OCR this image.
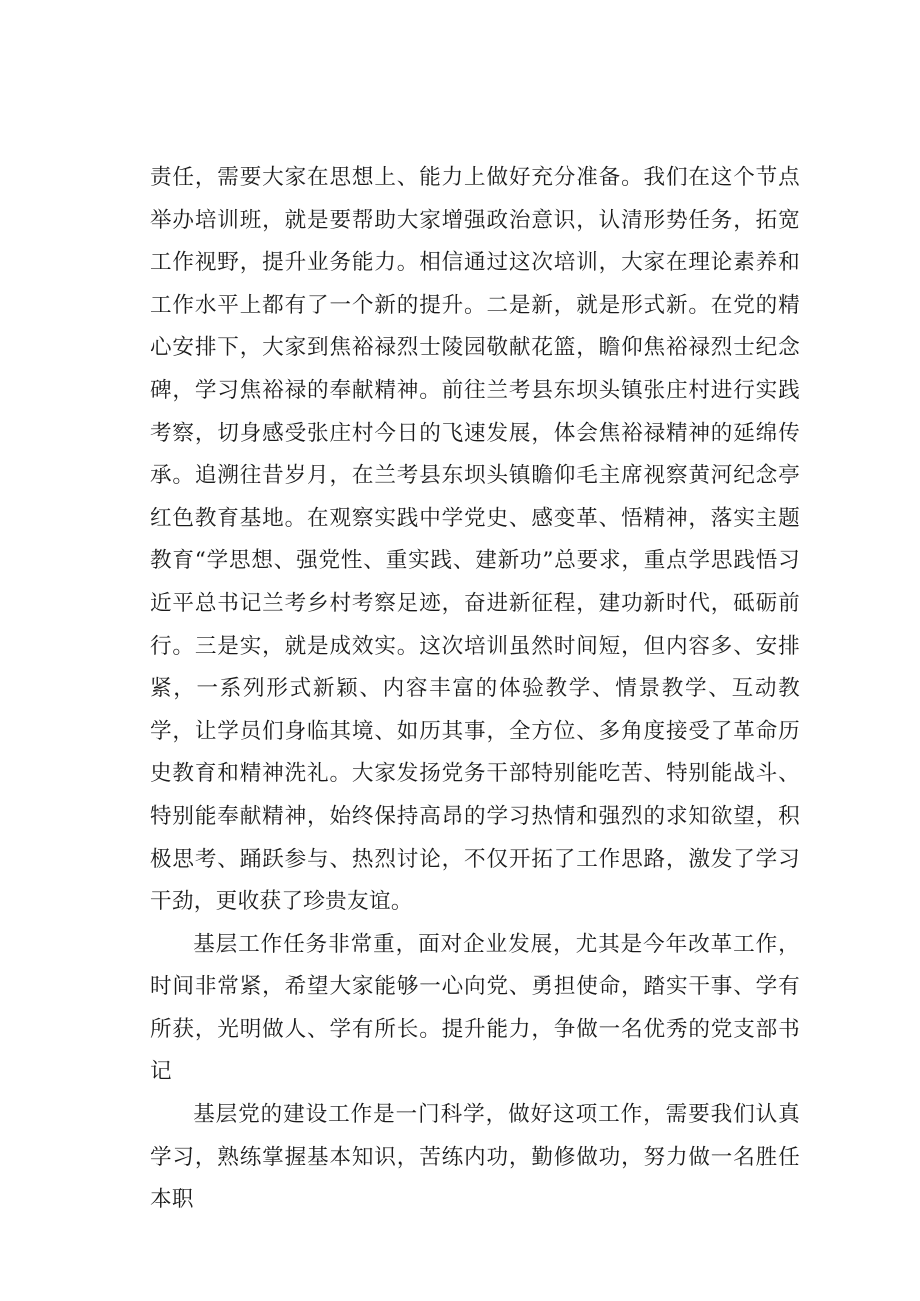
责任，需要大家在思想上、能力上做好充分准备。我们在这个节点举办培训班，就是要帮助大家增强政治意识，认清形势任务，拓宽工作视野，提升业务能力。相信通过这次培训，大家在理论素养和工作水平上都有了一个新的提升。二是新，就是形式新。在党的精心安排下，大家到焦裕禄烈士陵园敬献花篮，瞻仰焦裕禄烈士纪念碑，学习焦裕禄的奉献精神。前往兰考县东坝头镇张庄村进行实践考察，切身感受张庄村今日的飞速发展，体会焦裕禄精神的延绵传承。追溯往昔岁月，在兰考县东坝头镇瞻仰毛主席视察黄河纪念亭红色教育基地。在观察实践中学党史、感变革、悟精神，落实主题教育“学思想、强党性、重实践、建新功”总要求，重点学思践悟习近平总书记兰考乡村考察足迹，奋进新征程，建功新时代，砥砺前行。三是实，就是成效实。这次培训虽然时间短，但内容多、安排紧，一系列形式新颖、内容丰富的体验教学、情景教学、互动教学，让学员们身临其境、如历其事，全方位、多角度接受了革命历史教育和精神洗礼。大家发扬党务干部特别能吃苦、特别能战斗、特别能奉献精神，始终保持高昂的学习热情和强烈的求知欲望，积极思考、踊跃参与、热烈讨论，不仅开拓了工作思路，激发了学习干劲，更收获了珍贵友谊。

基层工作任务非常重，面对企业发展，尤其是今年改革工作，时间非常紧，希望大家能够一心向党、勇担使命，踏实干事、学有所获，光明做人、学有所长。提升能力，争做一名优秀的党支部书记

基层党的建设工作是一门科学，做好这项工作，需要我们认真学习，熟练掌握基本知识，苦练内功，勤修做功，努力做一名胜任本职
